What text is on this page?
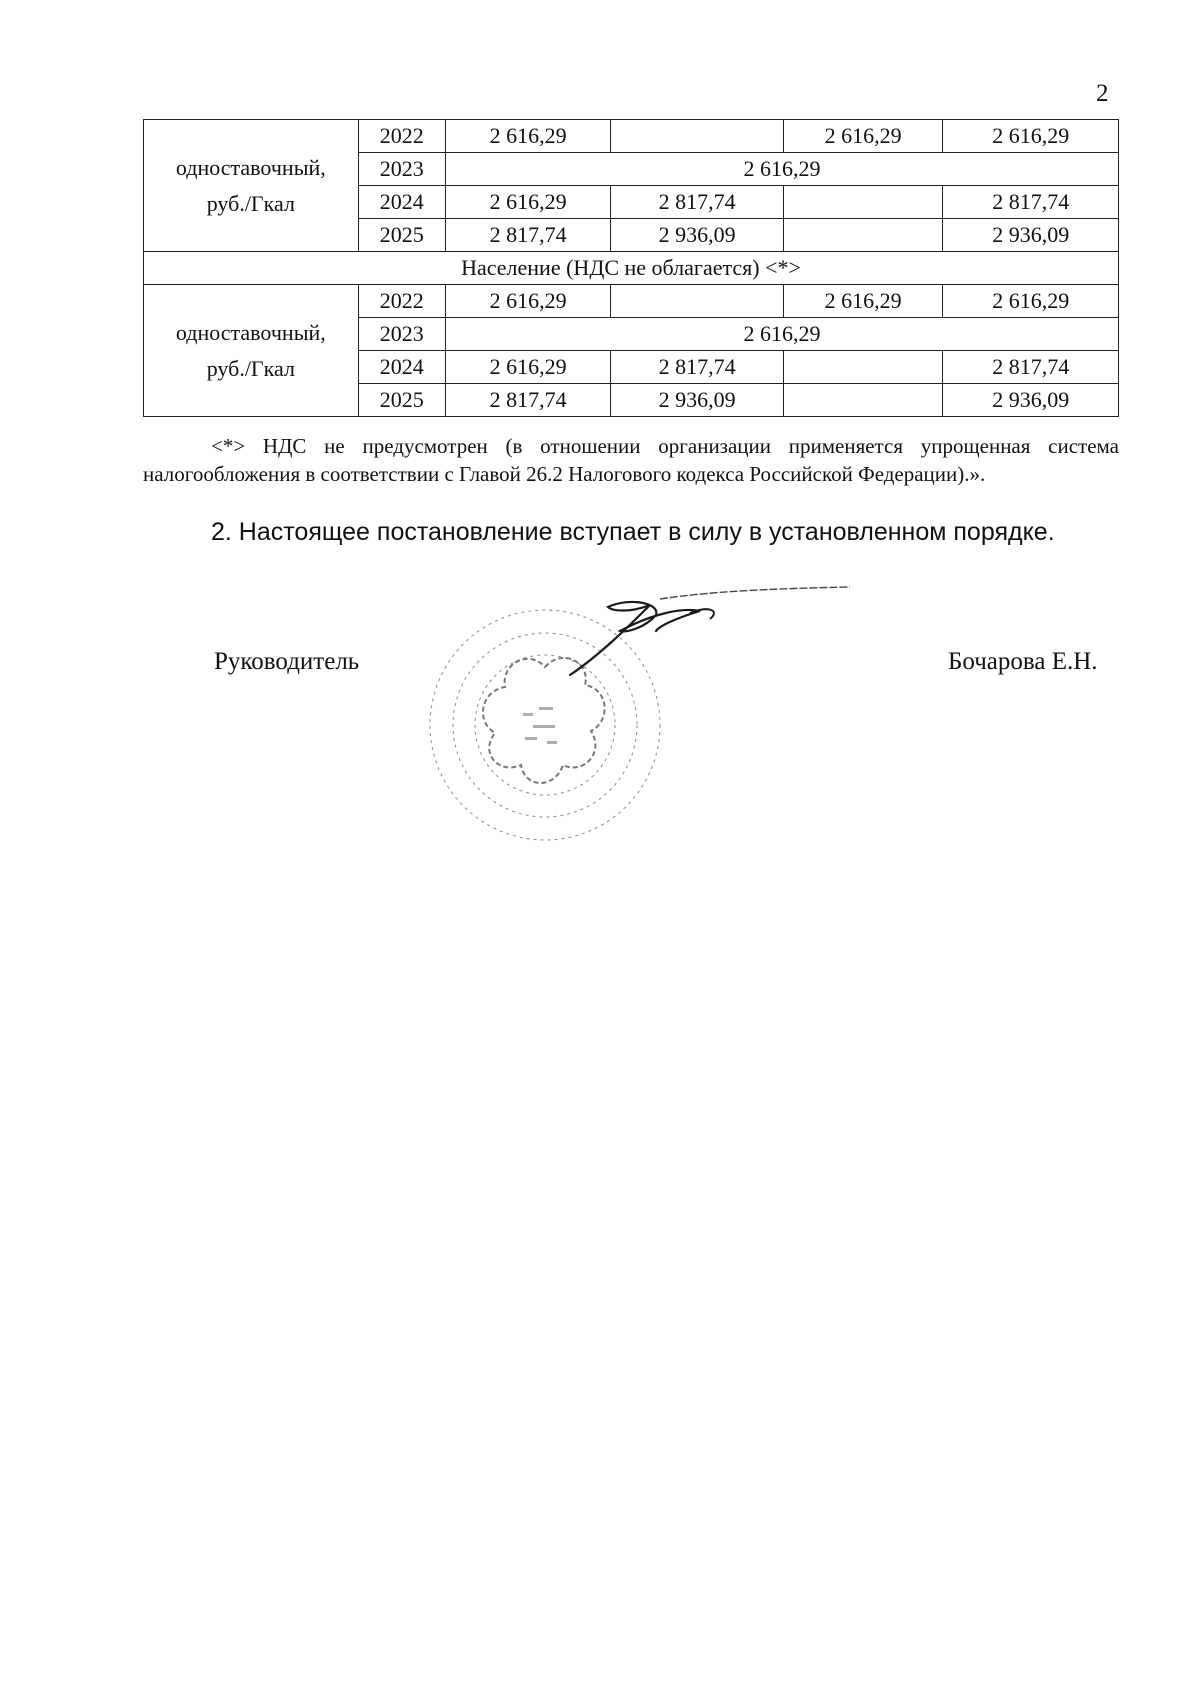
2
одноставочный,
руб./Гкал	2022	2 616,29		2 616,29	2 616,29
	2023	2 616,29			
	2024	2 616,29	2 817,74		2 817,74
	2025	2 817,74	2 936,09		2 936,09
Население (НДС не облагается) <*>					
одноставочный,
руб./Гкал	2022	2 616,29		2 616,29	2 616,29
	2023	2 616,29			
	2024	2 616,29	2 817,74		2 817,74
	2025	2 817,74	2 936,09		2 936,09

<*> НДС не предусмотрен (в отношении организации применяется упрощенная система налогообложения в соответствии с Главой 26.2 Налогового кодекса Российской Федерации).».

2. Настоящее постановление вступает в силу в установленном порядке.

Руководитель	Бочарова Е.Н.
